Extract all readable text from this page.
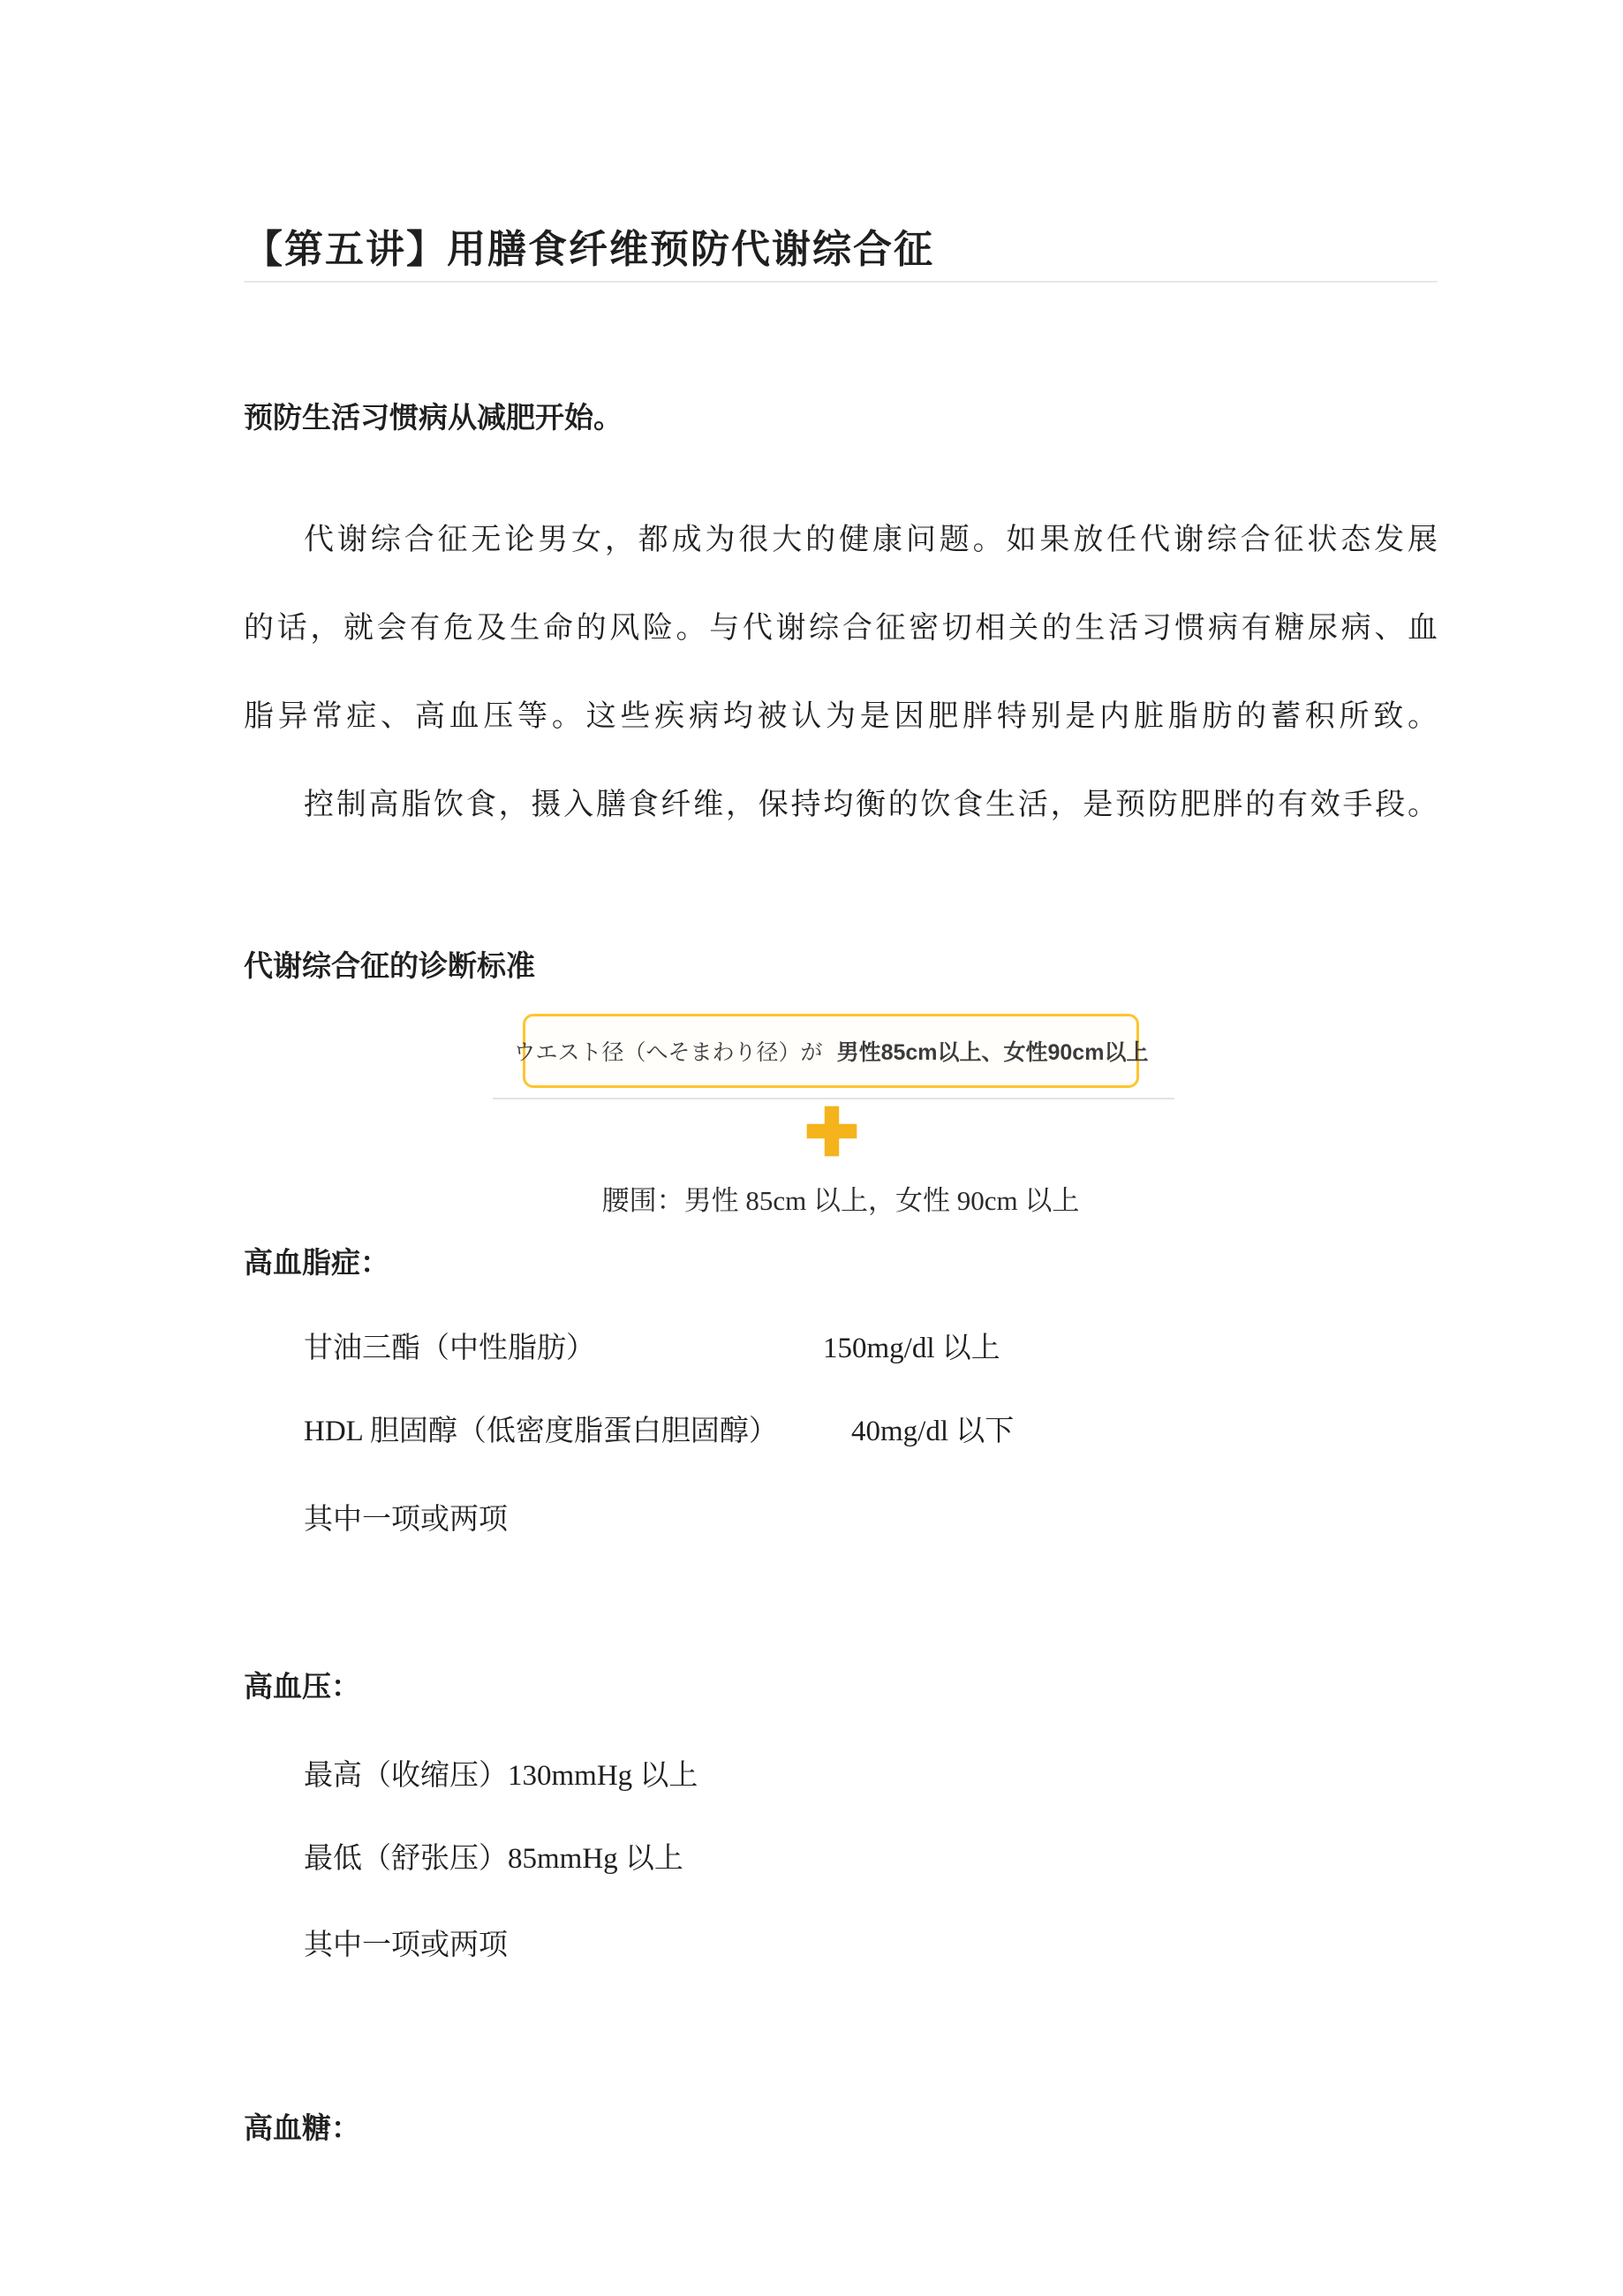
【第五讲】用膳食纤维预防代谢综合征
预防生活习惯病从减肥开始。
代谢综合征无论男女，都成为很大的健康问题。如果放任代谢综合征状态发展
的话，就会有危及生命的风险。与代谢综合征密切相关的生活习惯病有糖尿病、血
脂异常症、高血压等。这些疾病均被认为是因肥胖特别是内脏脂肪的蓄积所致。
控制高脂饮食，摄入膳食纤维，保持均衡的饮食生活，是预防肥胖的有效手段。
代谢综合征的诊断标准
ウエスト径（へそまわり径）が 男性85cm以上、女性90cm以上
腰围：男性 85cm 以上，女性 90cm 以上
高血脂症：
甘油三酯（中性脂肪）	150mg/dl 以上
HDL 胆固醇（低密度脂蛋白胆固醇）	40mg/dl 以下
其中一项或两项
高血压：
最高（收缩压）130mmHg 以上
最低（舒张压）85mmHg 以上
其中一项或两项
高血糖：
